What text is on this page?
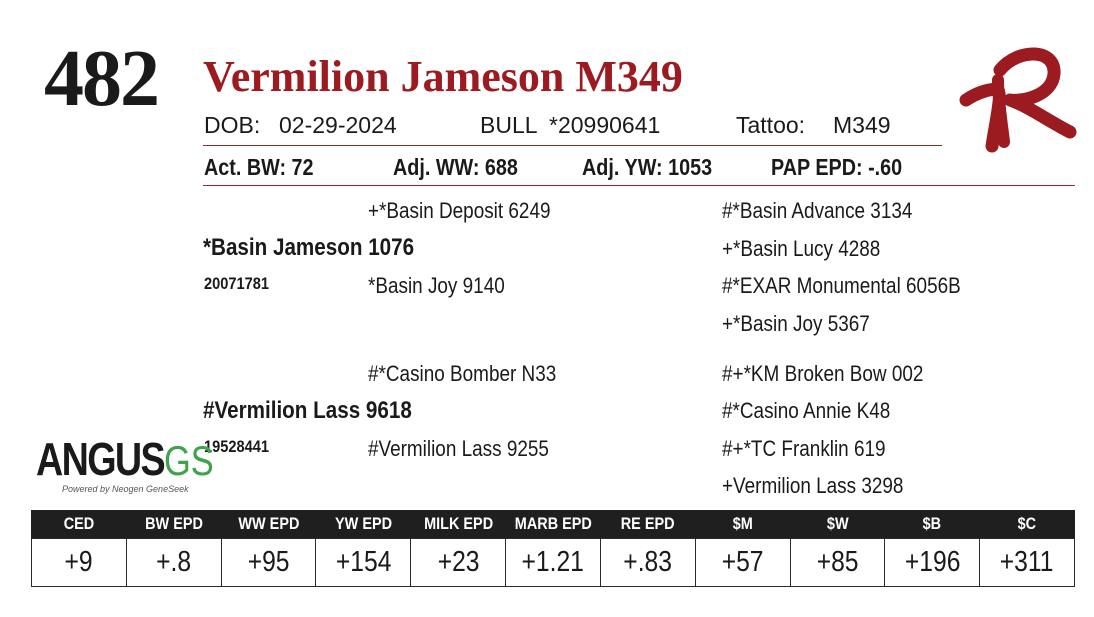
482 Vermilion Jameson M349
DOB: 02-29-2024	BULL *20990641	Tattoo: M349
Act. BW: 72	Adj. WW: 688	Adj. YW: 1053	PAP EPD: -.60
+*Basin Deposit 6249
*Basin Jameson 1076
20071781	*Basin Joy 9140
#*Basin Advance 3134
+*Basin Lucy 4288
#*EXAR Monumental 6056B
+*Basin Joy 5367
#*Casino Bomber N33
#Vermilion Lass 9618
19528441	#Vermilion Lass 9255
#+*KM Broken Bow 002
#*Casino Annie K48
#+*TC Franklin 619
+Vermilion Lass 3298
ANGUSGS
Powered by Neogen GeneSeek
CED	BW EPD	WW EPD	YW EPD	MILK EPD	MARB EPD	RE EPD	$M	$W	$B	$C
+9	+.8	+95	+154	+23	+1.21	+.83	+57	+85	+196	+311
